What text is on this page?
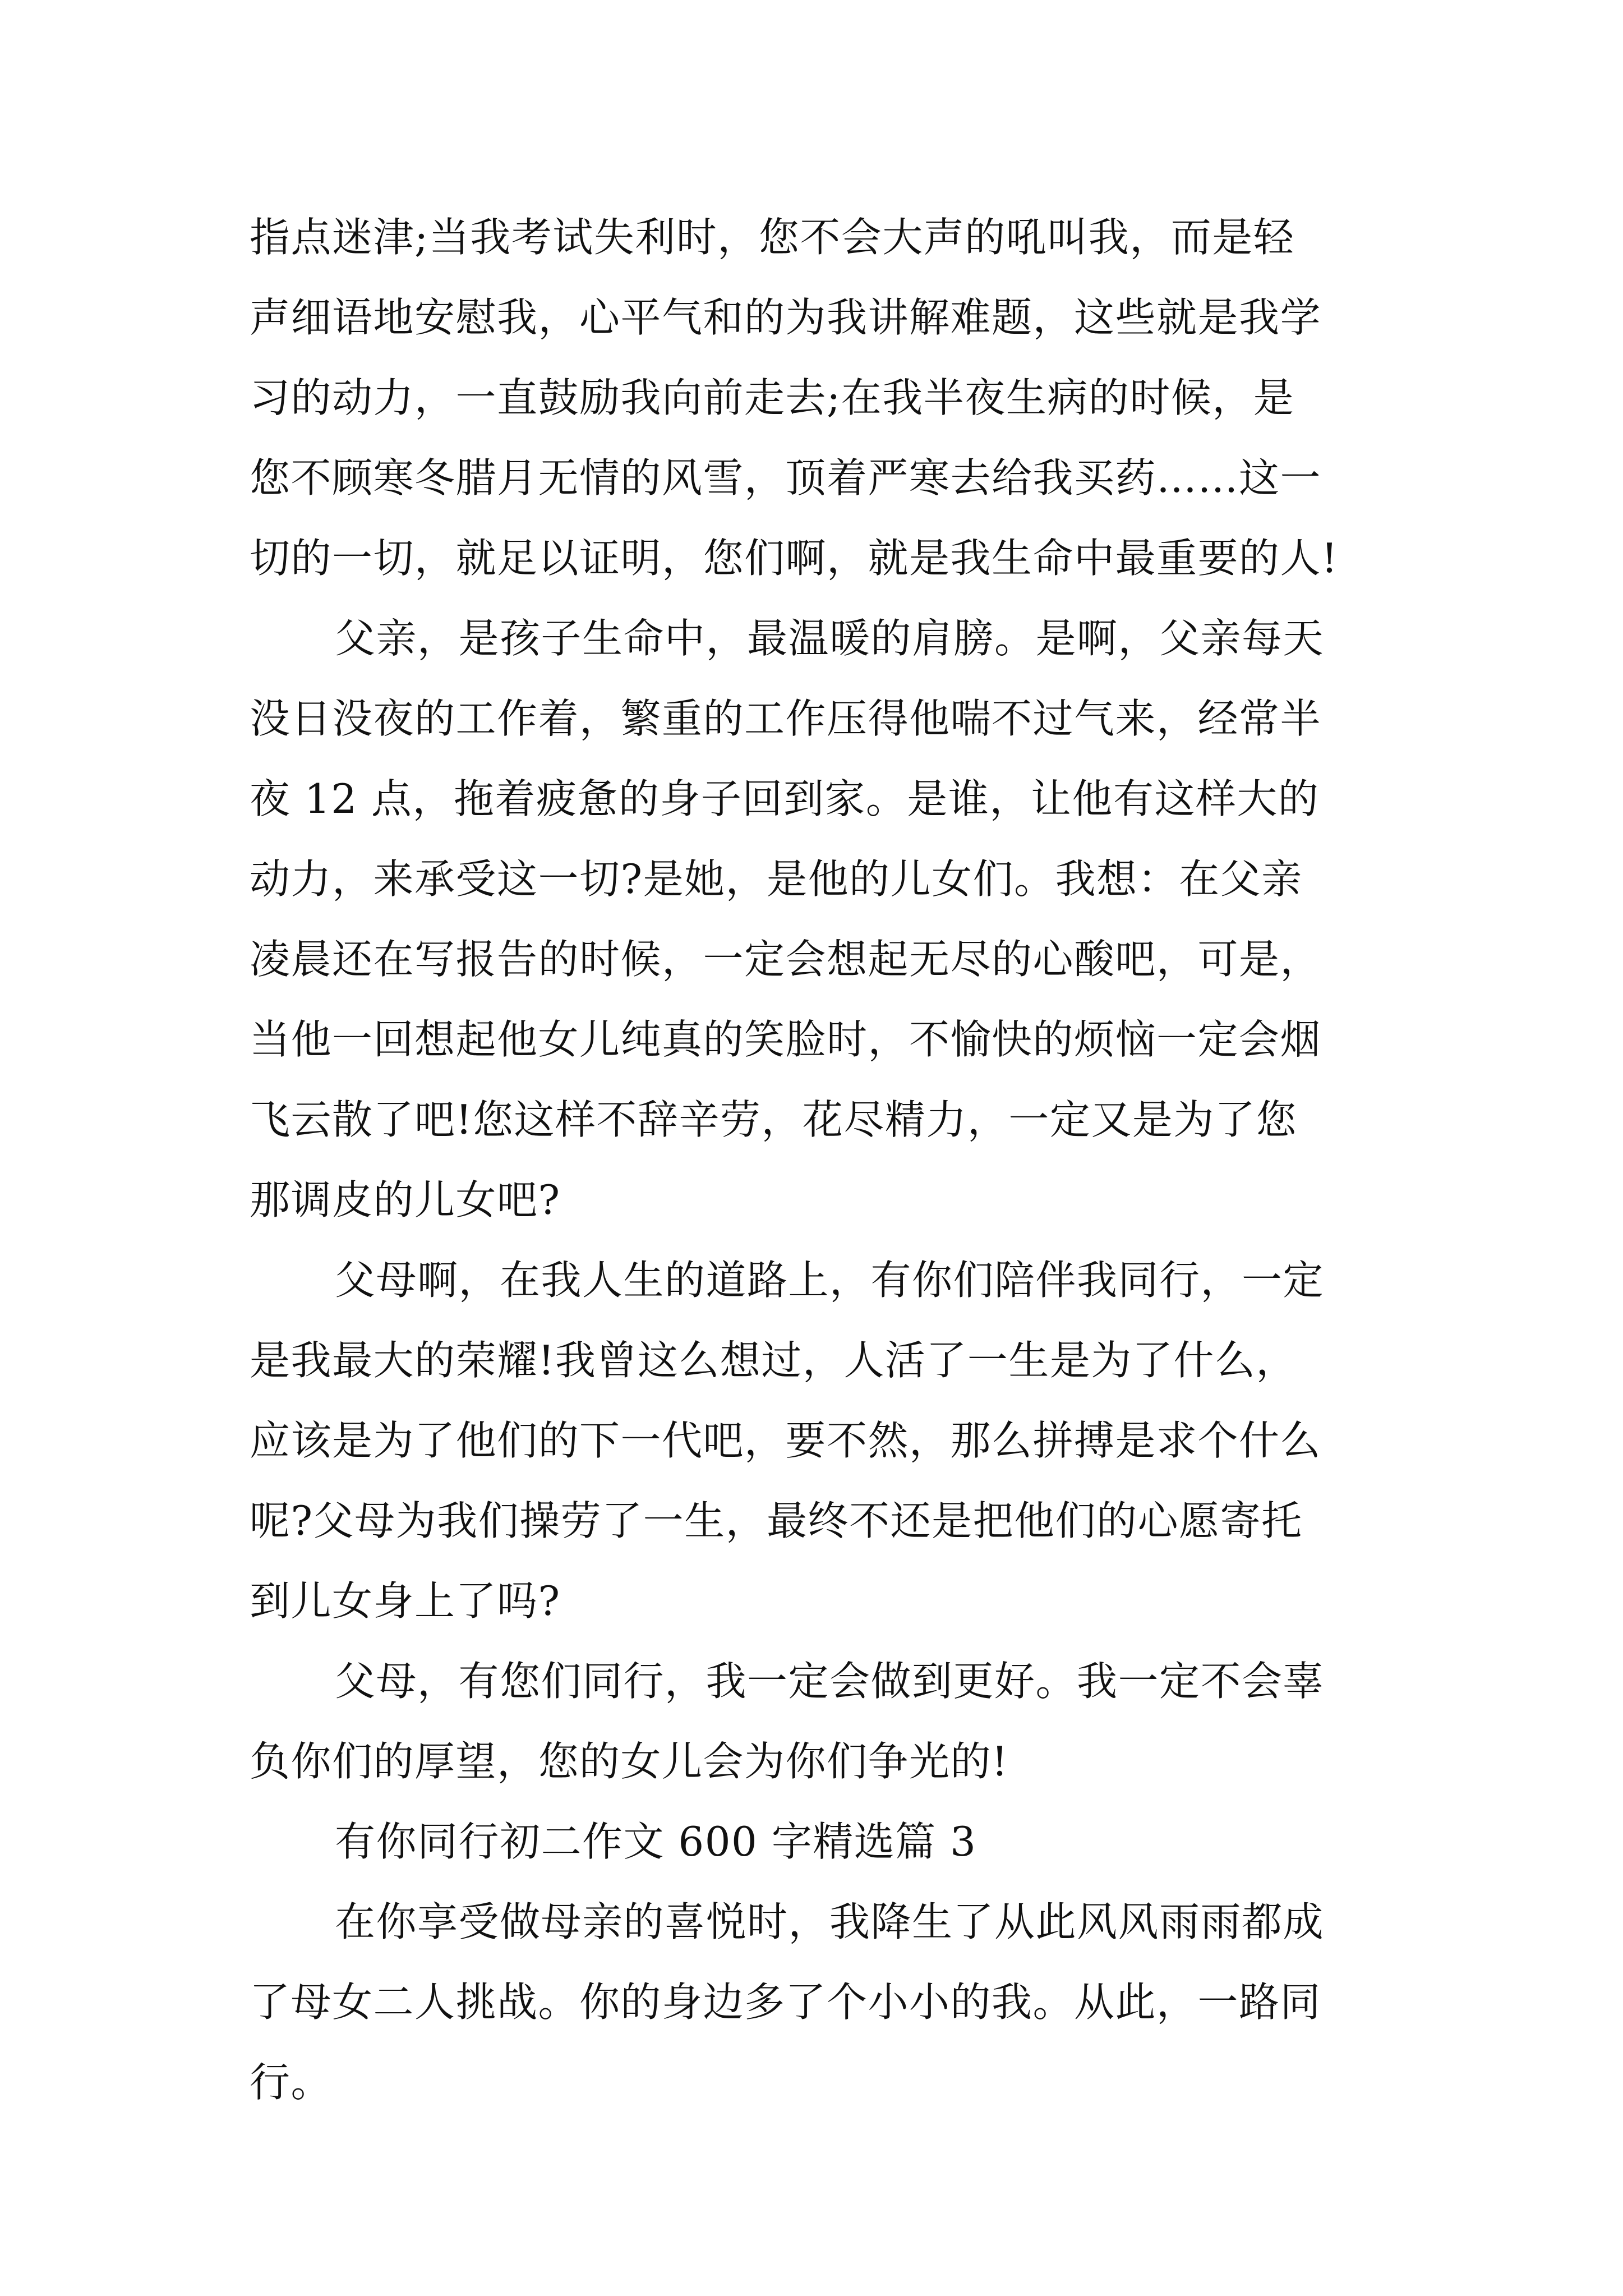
指点迷津;当我考试失利时，您不会大声的吼叫我，而是轻
声细语地安慰我，心平气和的为我讲解难题，这些就是我学
习的动力，一直鼓励我向前走去;在我半夜生病的时候，是
您不顾寒冬腊月无情的风雪，顶着严寒去给我买药……这一
切的一切，就足以证明，您们啊，就是我生命中最重要的人!
父亲，是孩子生命中，最温暖的肩膀。是啊，父亲每天
没日没夜的工作着，繁重的工作压得他喘不过气来，经常半
夜 12 点，拖着疲惫的身子回到家。是谁，让他有这样大的
动力，来承受这一切?是她，是他的儿女们。我想：在父亲
凌晨还在写报告的时候，一定会想起无尽的心酸吧，可是，
当他一回想起他女儿纯真的笑脸时，不愉快的烦恼一定会烟
飞云散了吧!您这样不辞辛劳，花尽精力，一定又是为了您
那调皮的儿女吧?
父母啊，在我人生的道路上，有你们陪伴我同行，一定
是我最大的荣耀!我曾这么想过，人活了一生是为了什么，
应该是为了他们的下一代吧，要不然，那么拼搏是求个什么
呢?父母为我们操劳了一生，最终不还是把他们的心愿寄托
到儿女身上了吗?
父母，有您们同行，我一定会做到更好。我一定不会辜
负你们的厚望，您的女儿会为你们争光的!
有你同行初二作文 600 字精选篇 3
在你享受做母亲的喜悦时，我降生了从此风风雨雨都成
了母女二人挑战。你的身边多了个小小的我。从此，一路同
行。
